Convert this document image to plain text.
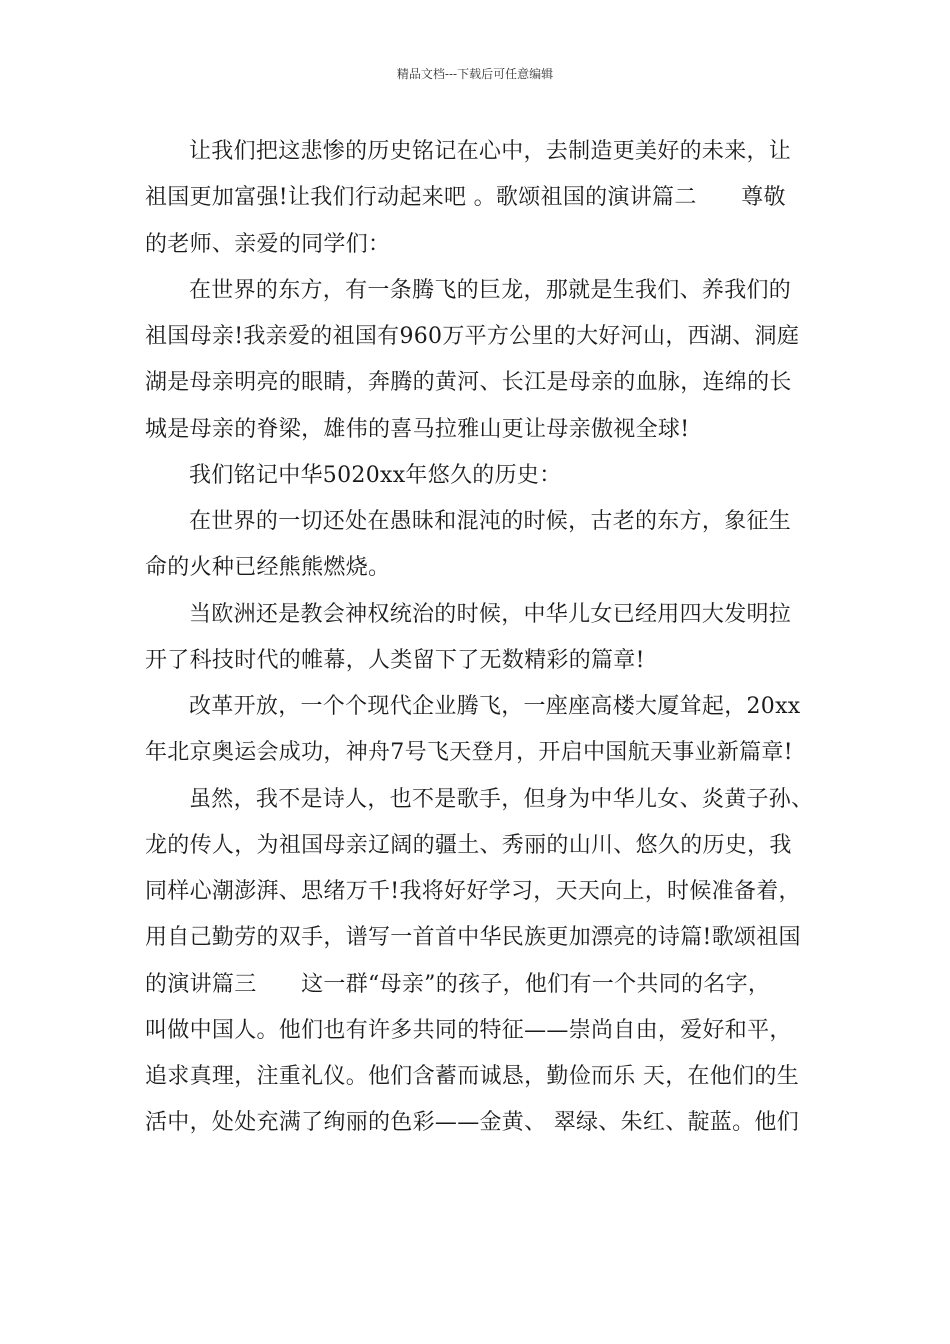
精品文档---下载后可任意编辑
让我们把这悲惨的历史铭记在心中，去制造更美好的未来，让
祖国更加富强!让我们行动起来吧 。歌颂祖国的演讲篇二　　尊敬
的老师、亲爱的同学们：
在世界的东方，有一条腾飞的巨龙，那就是生我们、养我们的
祖国母亲!我亲爱的祖国有960万平方公里的大好河山，西湖、洞庭
湖是母亲明亮的眼睛，奔腾的黄河、长江是母亲的血脉，连绵的长
城是母亲的脊梁，雄伟的喜马拉雅山更让母亲傲视全球!
我们铭记中华5020xx年悠久的历史：
在世界的一切还处在愚昧和混沌的时候，古老的东方，象征生
命的火种已经熊熊燃烧。
当欧洲还是教会神权统治的时候，中华儿女已经用四大发明拉
开了科技时代的帷幕，人类留下了无数精彩的篇章!
改革开放，一个个现代企业腾飞，一座座高楼大厦耸起，20xx
年北京奥运会成功，神舟7号飞天登月，开启中国航天事业新篇章!
虽然，我不是诗人，也不是歌手，但身为中华儿女、炎黄子孙、
龙的传人，为祖国母亲辽阔的疆土、秀丽的山川、悠久的历史，我
同样心潮澎湃、思绪万千!我将好好学习，天天向上，时候准备着，
用自己勤劳的双手，谱写一首首中华民族更加漂亮的诗篇!歌颂祖国
的演讲篇三　　这一群“母亲”的孩子，他们有一个共同的名字，
叫做中国人。他们也有许多共同的特征——崇尚自由，爱好和平，
追求真理，注重礼仪。他们含蓄而诚恳，勤俭而乐 天，在他们的生
活中，处处充满了绚丽的色彩——金黄、 翠绿、朱红、靛蓝。他们
